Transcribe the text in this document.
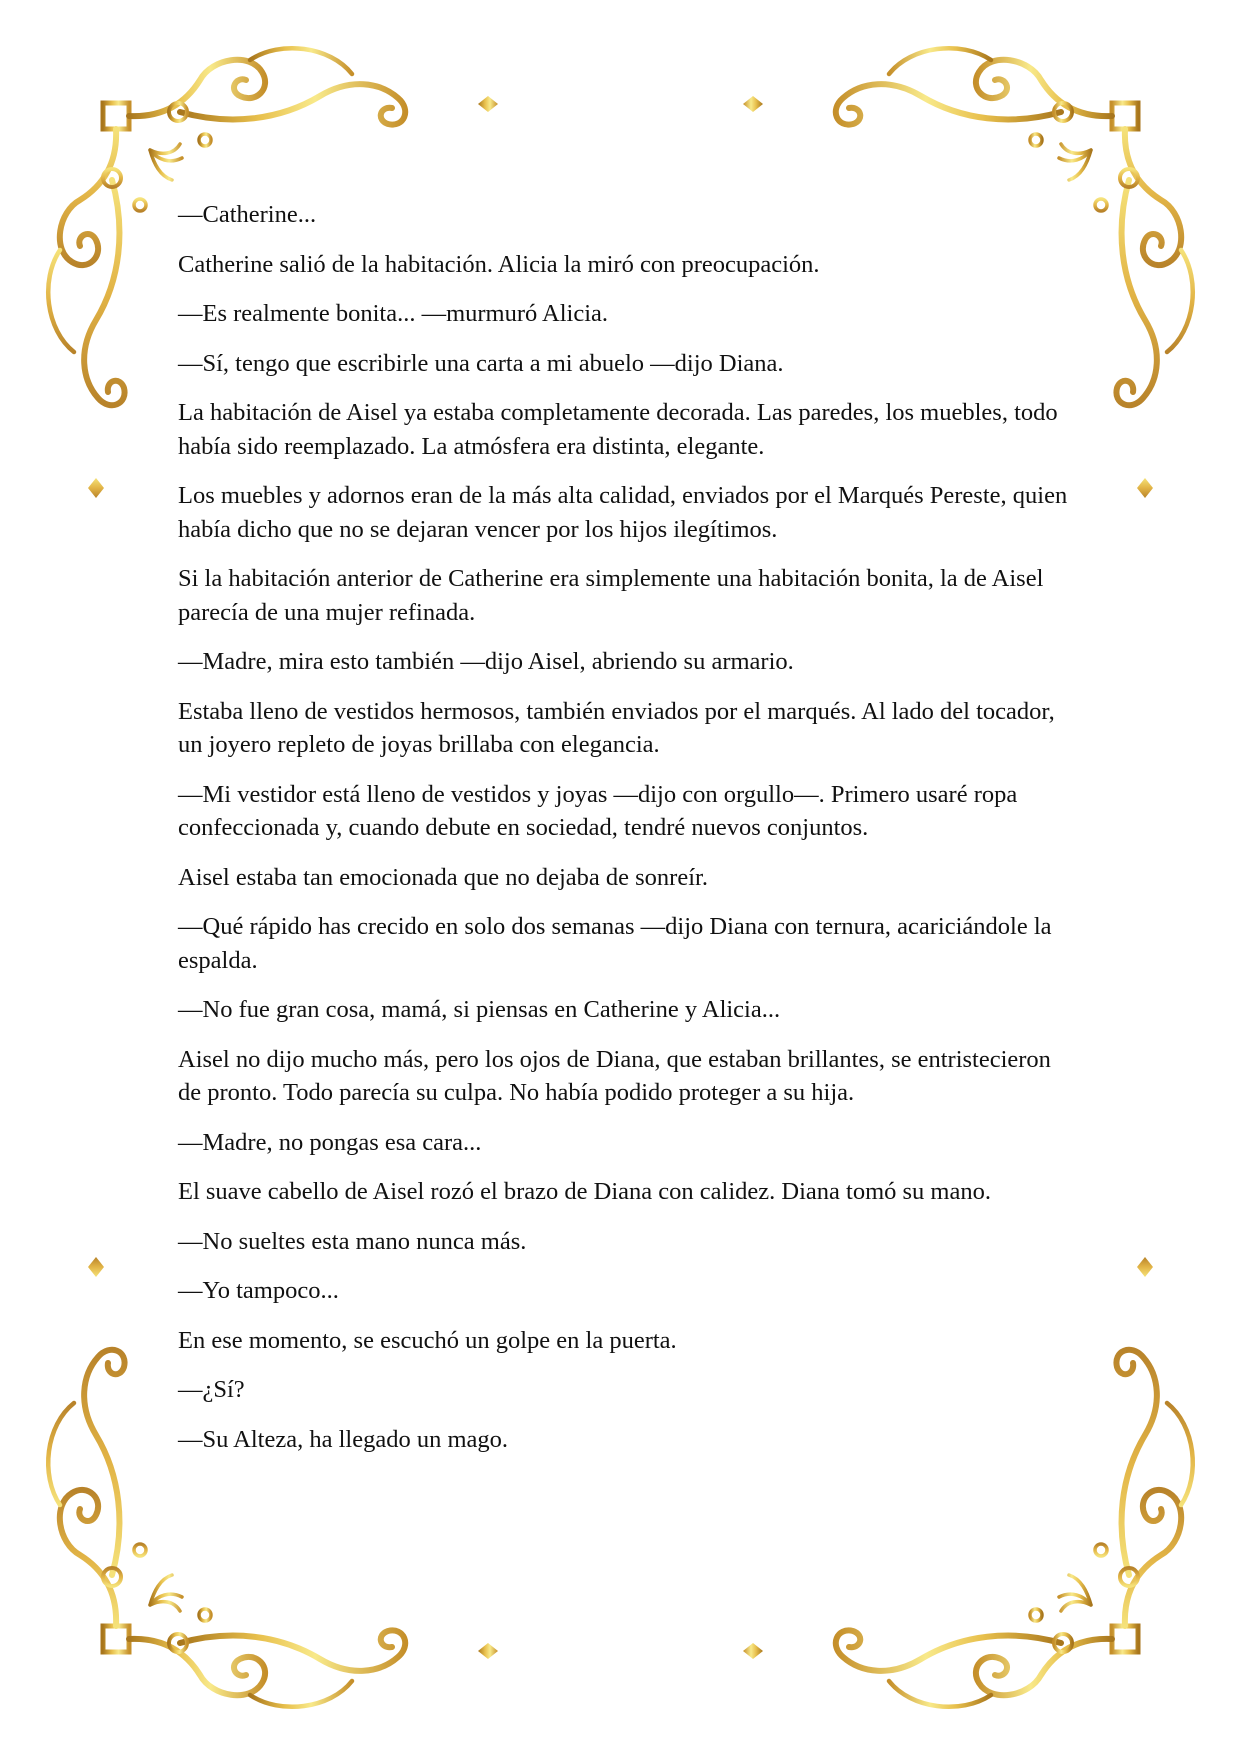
—Catherine...

Catherine salió de la habitación. Alicia la miró con preocupación.

—Es realmente bonita... —murmuró Alicia.

—Sí, tengo que escribirle una carta a mi abuelo —dijo Diana.

La habitación de Aisel ya estaba completamente decorada. Las paredes, los muebles, todo había sido reemplazado. La atmósfera era distinta, elegante.

Los muebles y adornos eran de la más alta calidad, enviados por el Marqués Pereste, quien había dicho que no se dejaran vencer por los hijos ilegítimos.

Si la habitación anterior de Catherine era simplemente una habitación bonita, la de Aisel parecía de una mujer refinada.

—Madre, mira esto también —dijo Aisel, abriendo su armario.

Estaba lleno de vestidos hermosos, también enviados por el marqués. Al lado del tocador, un joyero repleto de joyas brillaba con elegancia.

—Mi vestidor está lleno de vestidos y joyas —dijo con orgullo—. Primero usaré ropa confeccionada y, cuando debute en sociedad, tendré nuevos conjuntos.

Aisel estaba tan emocionada que no dejaba de sonreír.

—Qué rápido has crecido en solo dos semanas —dijo Diana con ternura, acariciándole la espalda.

—No fue gran cosa, mamá, si piensas en Catherine y Alicia...

Aisel no dijo mucho más, pero los ojos de Diana, que estaban brillantes, se entristecieron de pronto. Todo parecía su culpa. No había podido proteger a su hija.

—Madre, no pongas esa cara...

El suave cabello de Aisel rozó el brazo de Diana con calidez. Diana tomó su mano.

—No sueltes esta mano nunca más.

—Yo tampoco...

En ese momento, se escuchó un golpe en la puerta.

—¿Sí?

—Su Alteza, ha llegado un mago.
